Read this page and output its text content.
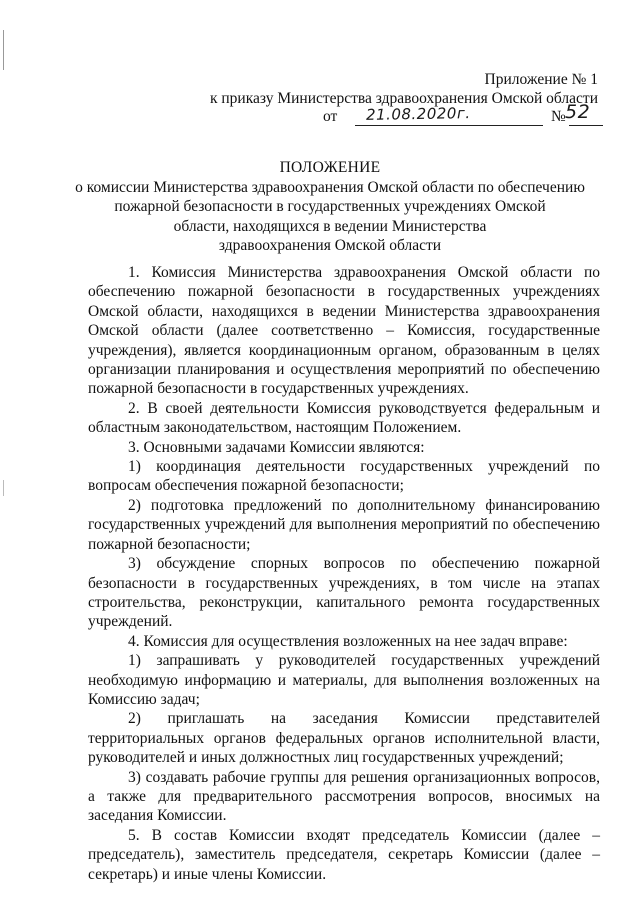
Приложение № 1
к приказу Министерства здравоохранения Омской области
от	№
21.08.2020г.	52
ПОЛОЖЕНИЕ
о комиссии Министерства здравоохранения Омской области по обеспечению
пожарной безопасности в государственных учреждениях Омской
области, находящихся в ведении Министерства
здравоохранения Омской области

1. Комиссия Министерства здравоохранения Омской области по обеспечению пожарной безопасности в государственных учреждениях Омской области, находящихся в ведении Министерства здравоохранения Омской области (далее соответственно – Комиссия, государственные учреждения), является координационным органом, образованным в целях организации планирования и осуществления мероприятий по обеспечению пожарной безопасности в государственных учреждениях.

2. В своей деятельности Комиссия руководствуется федеральным и областным законодательством, настоящим Положением.

3. Основными задачами Комиссии являются:

1) координация деятельности государственных учреждений по вопросам обеспечения пожарной безопасности;

2) подготовка предложений по дополнительному финансированию государственных учреждений для выполнения мероприятий по обеспечению пожарной безопасности;

3) обсуждение спорных вопросов по обеспечению пожарной безопасности в государственных учреждениях, в том числе на этапах строительства, реконструкции, капитального ремонта государственных учреждений.

4. Комиссия для осуществления возложенных на нее задач вправе:

1) запрашивать у руководителей государственных учреждений необходимую информацию и материалы, для выполнения возложенных на Комиссию задач;

2) приглашать на заседания Комиссии представителей территориальных органов федеральных органов исполнительной власти, руководителей и иных должностных лиц государственных учреждений;

3) создавать рабочие группы для решения организационных вопросов, а также для предварительного рассмотрения вопросов, вносимых на заседания Комиссии.

5. В состав Комиссии входят председатель Комиссии (далее – председатель), заместитель председателя, секретарь Комиссии (далее – секретарь) и иные члены Комиссии.
